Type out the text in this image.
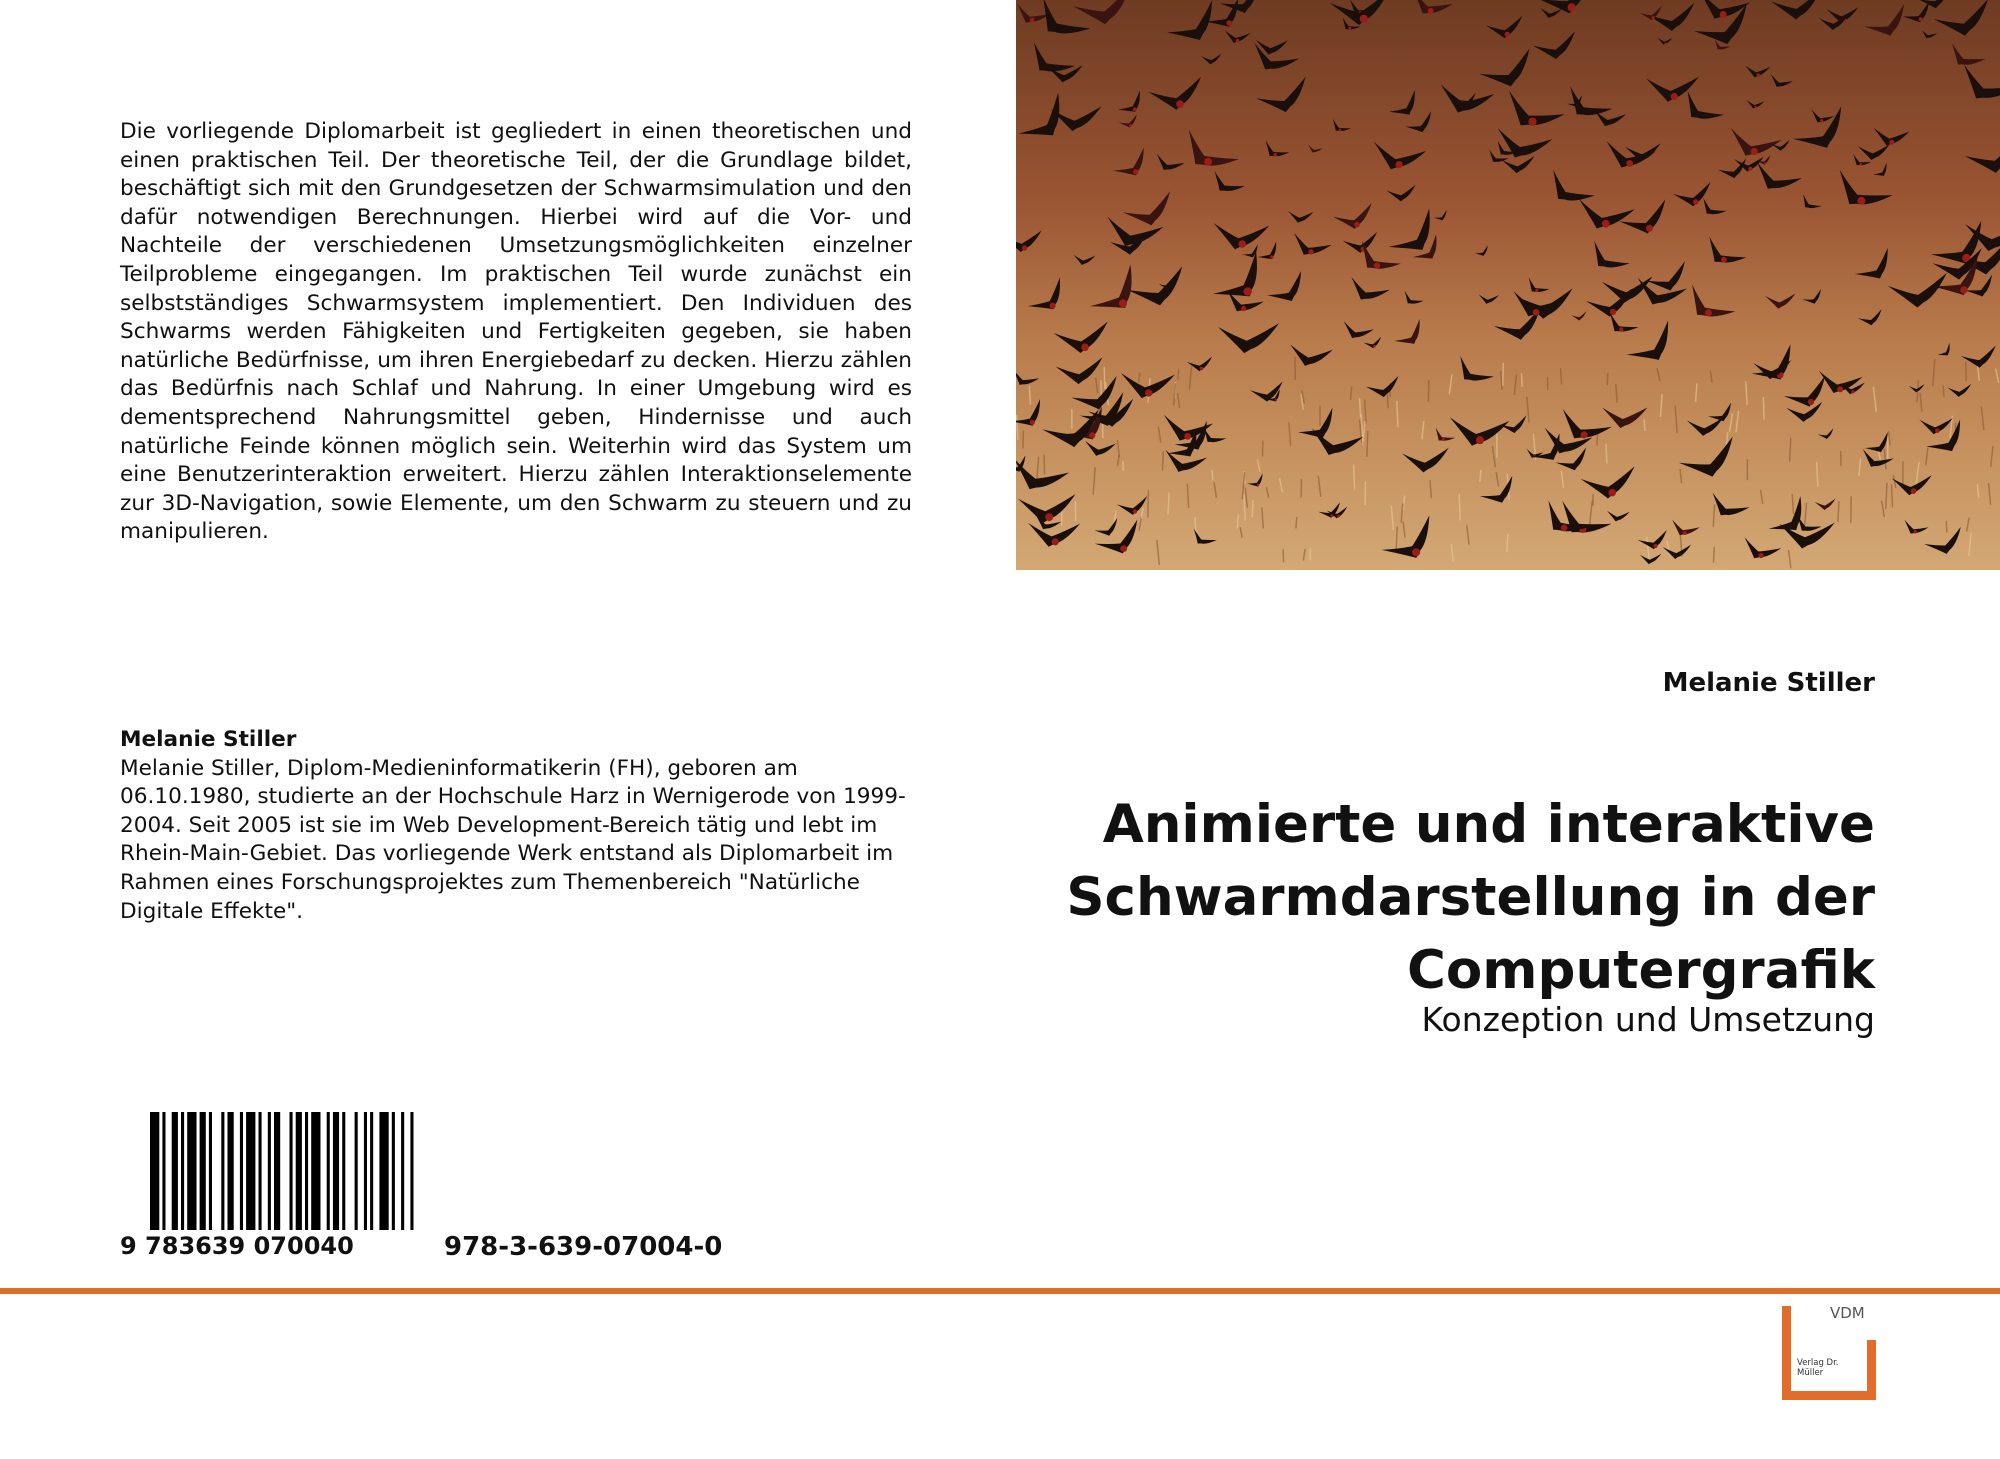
Die vorliegende Diplomarbeit ist gegliedert in einen theoretischen und einen praktischen Teil. Der theoretische Teil, der die Grundlage bildet, beschäftigt sich mit den Grundgesetzen der Schwarmsimulation und den dafür notwendigen Berechnungen. Hierbei wird auf die Vor- und Nachteile der verschiedenen Umsetzungsmöglichkeiten einzelner Teilprobleme eingegangen. Im praktischen Teil wurde zunächst ein selbstständiges Schwarmsystem implementiert. Den Individuen des Schwarms werden Fähigkeiten und Fertigkeiten gegeben, sie haben natürliche Bedürfnisse, um ihren Energiebedarf zu decken. Hierzu zählen das Bedürfnis nach Schlaf und Nahrung. In einer Umgebung wird es dementsprechend Nahrungsmittel geben, Hindernisse und auch natürliche Feinde können möglich sein. Weiterhin wird das System um eine Benutzerinteraktion erweitert. Hierzu zählen Interaktionselemente zur 3D-Navigation, sowie Elemente, um den Schwarm zu steuern und zu manipulieren.

Melanie Stiller
Melanie Stiller, Diplom-Medieninformatikerin (FH), geboren am 06.10.1980, studierte an der Hochschule Harz in Wernigerode von 1999-2004. Seit 2005 ist sie im Web Development-Bereich tätig und lebt im Rhein-Main-Gebiet. Das vorliegende Werk entstand als Diplomarbeit im Rahmen eines Forschungsprojektes zum Themenbereich "Natürliche Digitale Effekte".
Melanie Stiller
Animierte und interaktive Schwarmdarstellung in der Computergrafik
Konzeption und Umsetzung
9 783639 070040	978-3-639-07004-0
VDM
Verlag Dr. Müller
